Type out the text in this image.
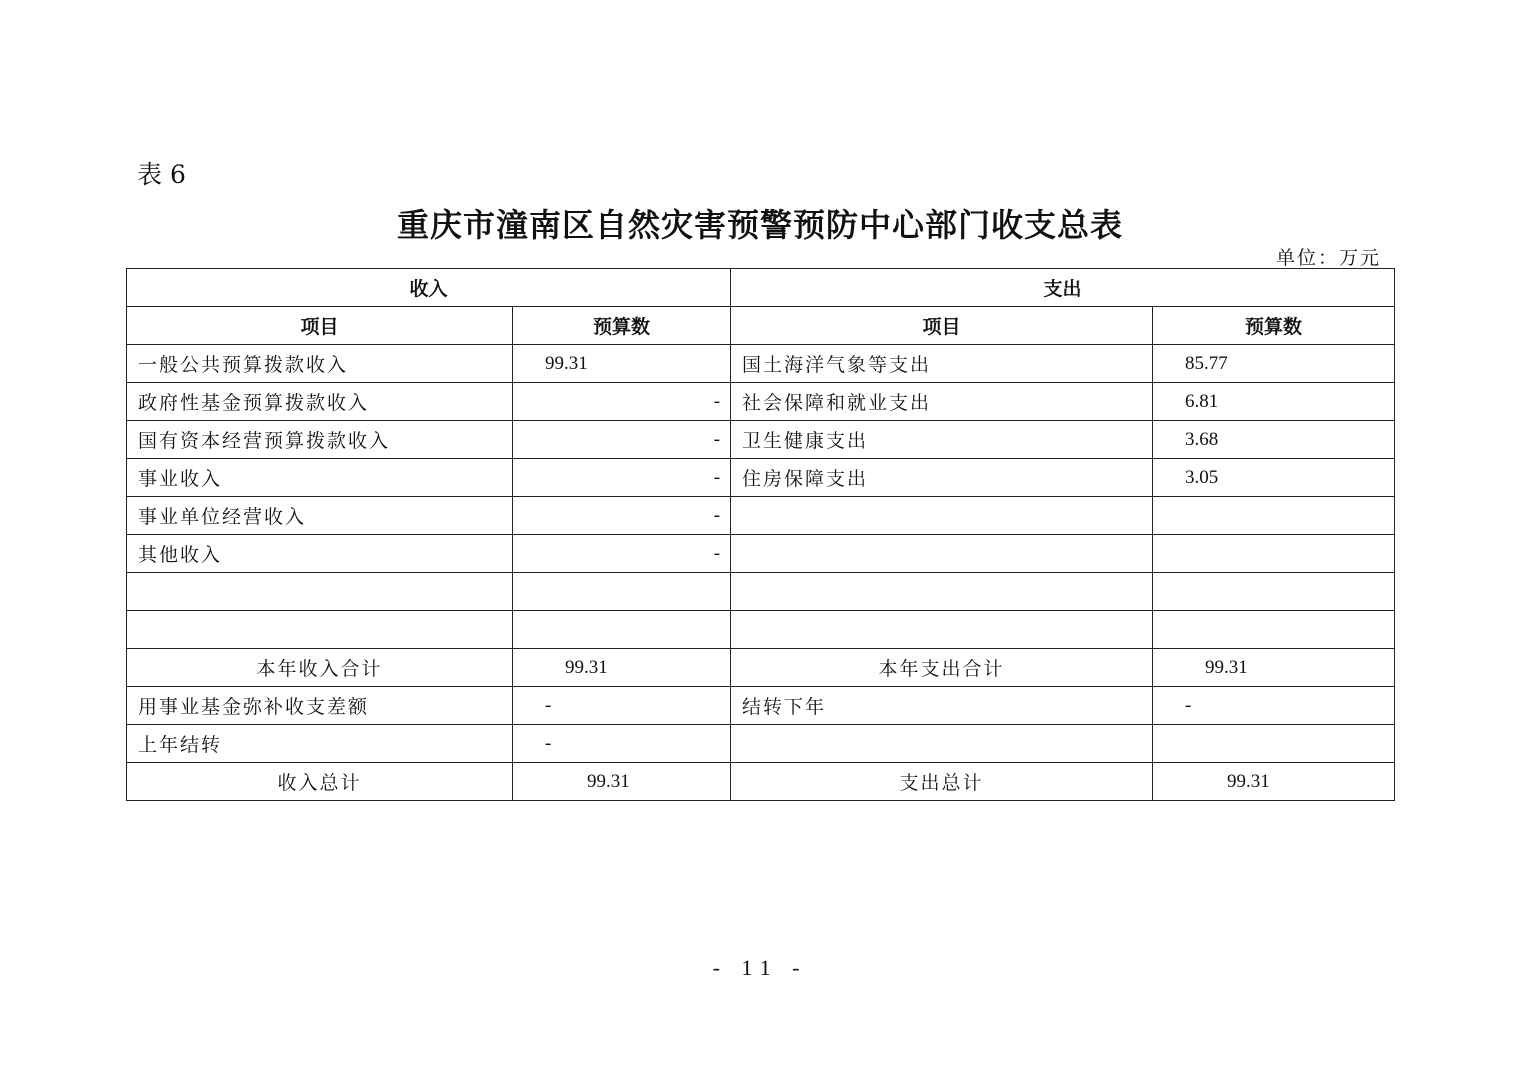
表 6
重庆市潼南区自然灾害预警预防中心部门收支总表
单位：万元
收入		支出	
项目	预算数	项目	预算数
一般公共预算拨款收入	99.31	国土海洋气象等支出	85.77
政府性基金预算拨款收入	-	社会保障和就业支出	6.81
国有资本经营预算拨款收入	-	卫生健康支出	3.68
事业收入	-	住房保障支出	3.05
事业单位经营收入	-		
其他收入	-		

本年收入合计	99.31	本年支出合计	99.31
用事业基金弥补收支差额	-	结转下年	-
上年结转	-		
收入总计	99.31	支出总计	99.31
- 11 -
